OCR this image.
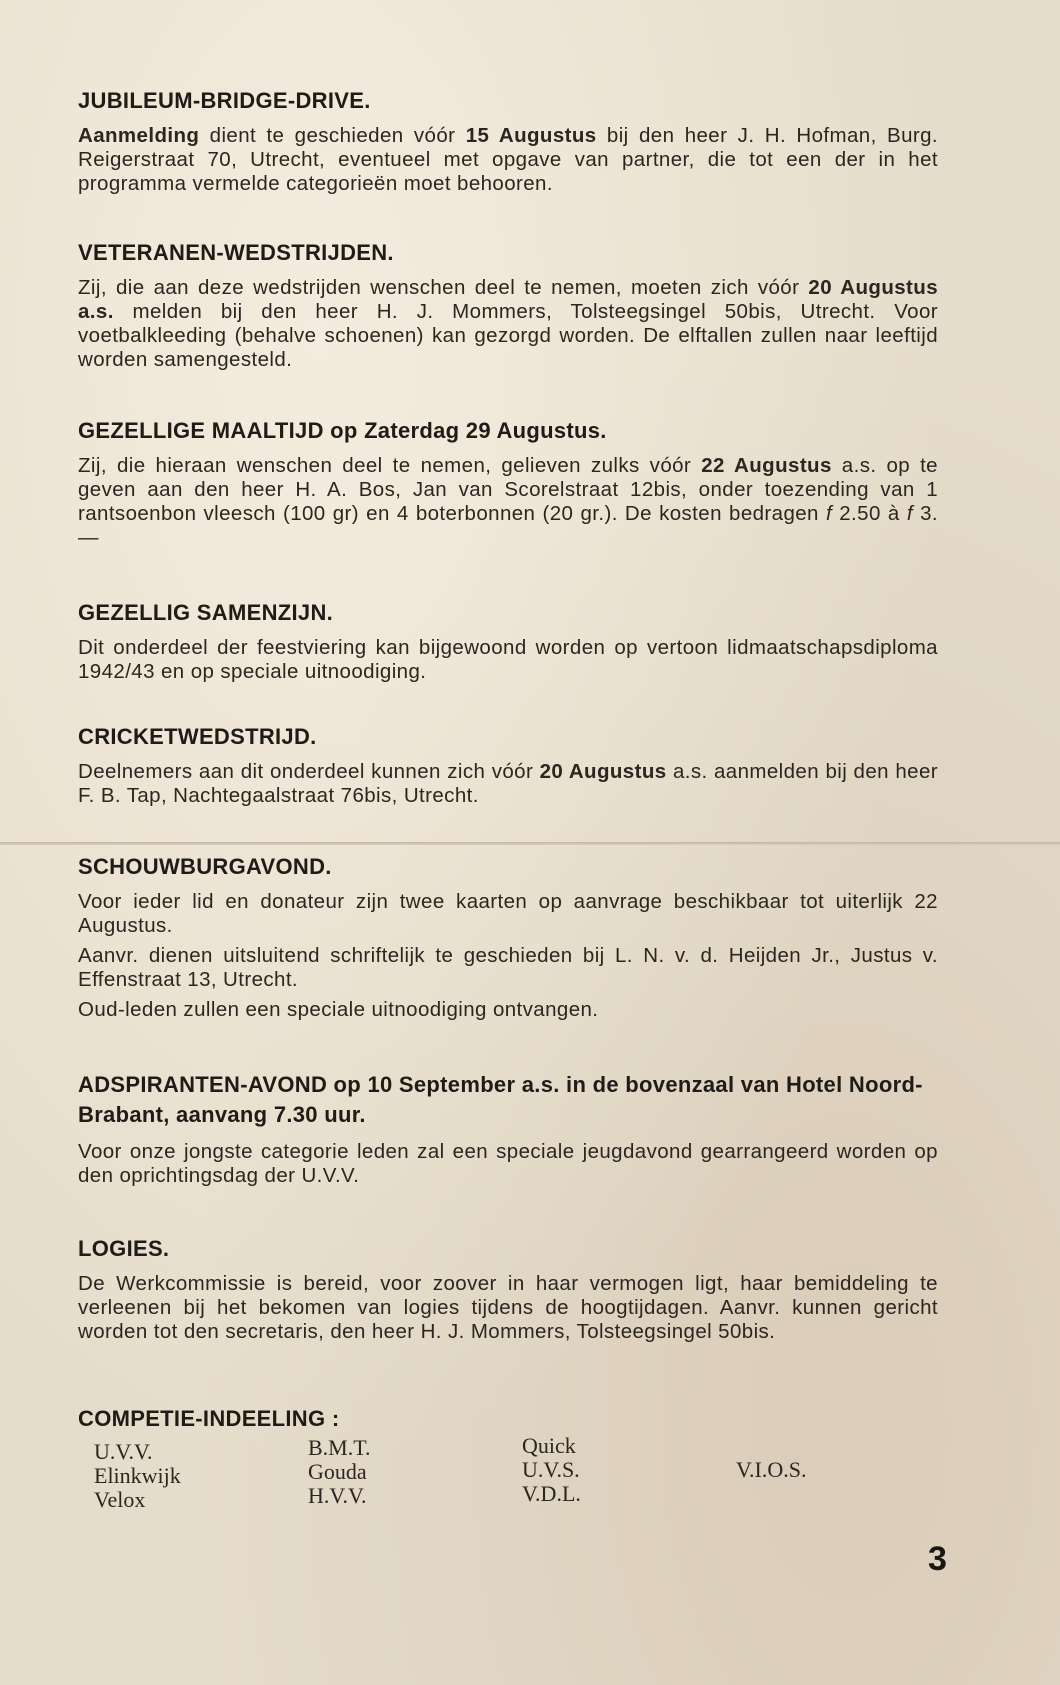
JUBILEUM-BRIDGE-DRIVE.

Aanmelding dient te geschieden vóór 15 Augustus bij den heer J. H. Hofman, Burg. Reigerstraat 70, Utrecht, eventueel met opgave van partner, die tot een der in het programma vermelde categorieën moet behooren.

VETERANEN-WEDSTRIJDEN.

Zij, die aan deze wedstrijden wenschen deel te nemen, moeten zich vóór 20 Augustus a.s. melden bij den heer H. J. Mommers, Tolsteegsingel 50bis, Utrecht. Voor voetbalkleeding (behalve schoenen) kan gezorgd worden. De elftallen zullen naar leeftijd worden samengesteld.

GEZELLIGE MAALTIJD op Zaterdag 29 Augustus.

Zij, die hieraan wenschen deel te nemen, gelieven zulks vóór 22 Augustus a.s. op te geven aan den heer H. A. Bos, Jan van Scorelstraat 12bis, onder toezending van 1 rantsoenbon vleesch (100 gr) en 4 boterbonnen (20 gr.). De kosten bedragen f 2.50 à f 3.—

GEZELLIG SAMENZIJN.

Dit onderdeel der feestviering kan bijgewoond worden op vertoon lidmaatschapsdiploma 1942/43 en op speciale uitnoodiging.

CRICKETWEDSTRIJD.

Deelnemers aan dit onderdeel kunnen zich vóór 20 Augustus a.s. aanmelden bij den heer F. B. Tap, Nachtegaalstraat 76bis, Utrecht.

SCHOUWBURGAVOND.

Voor ieder lid en donateur zijn twee kaarten op aanvrage beschikbaar tot uiterlijk 22 Augustus.

Aanvr. dienen uitsluitend schriftelijk te geschieden bij L. N. v. d. Heijden Jr., Justus v. Effenstraat 13, Utrecht.

Oud-leden zullen een speciale uitnoodiging ontvangen.

ADSPIRANTEN-AVOND op 10 September a.s. in de bovenzaal van Hotel Noord-Brabant, aanvang 7.30 uur.

Voor onze jongste categorie leden zal een speciale jeugdavond gearrangeerd worden op den oprichtingsdag der U.V.V.

LOGIES.

De Werkcommissie is bereid, voor zoover in haar vermogen ligt, haar bemiddeling te verleenen bij het bekomen van logies tijdens de hoogtijdagen. Aanvr. kunnen gericht worden tot den secretaris, den heer H. J. Mommers, Tolsteegsingel 50bis.

COMPETIE-INDEELING :
U.V.V.
Elinkwijk
Velox
B.M.T.
Gouda
H.V.V.
Quick
U.V.S.
V.D.L.
V.I.O.S.
3
